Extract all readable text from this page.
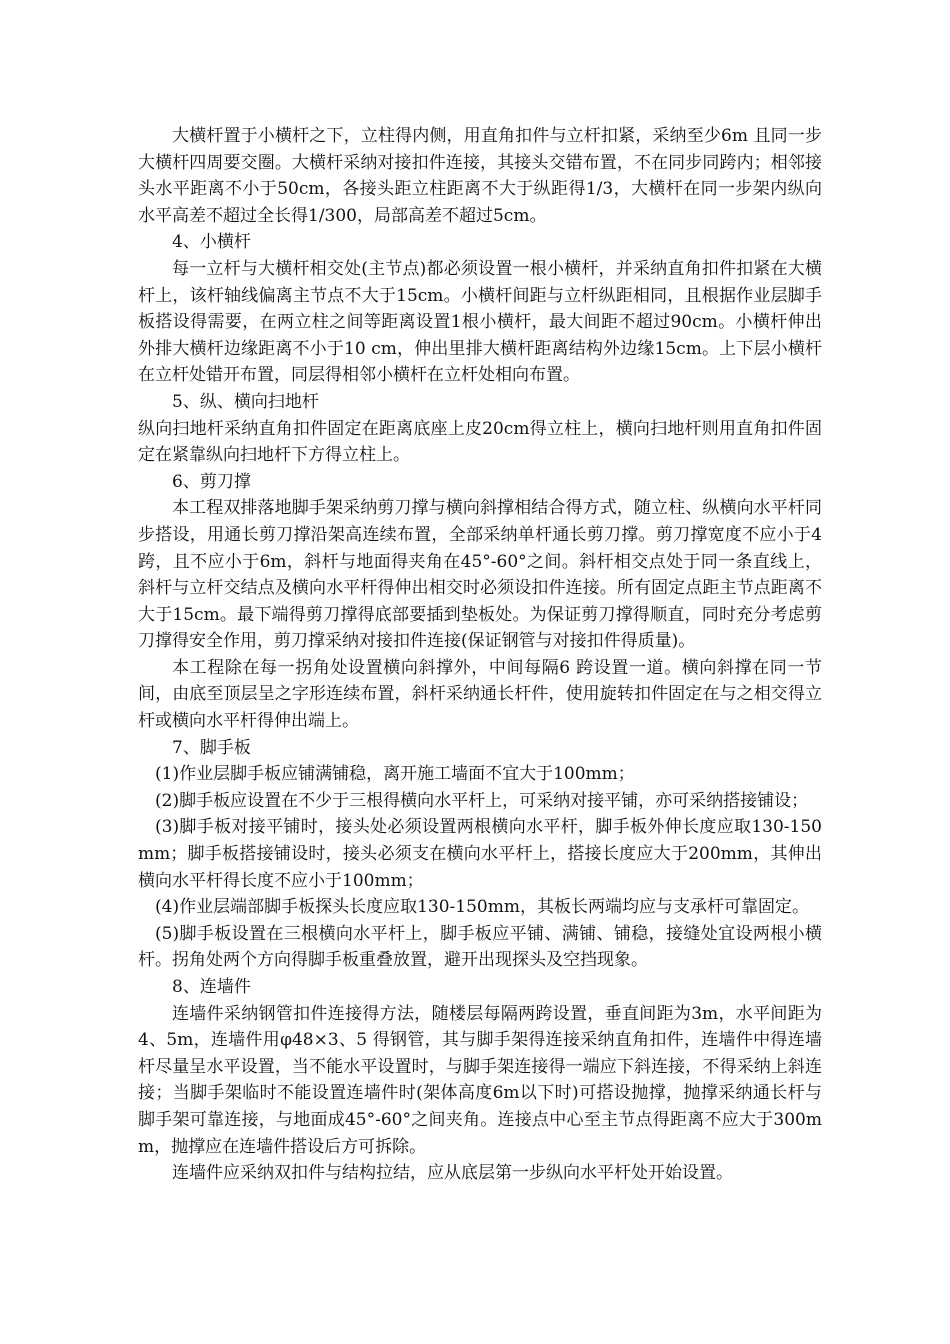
大横杆置于小横杆之下，立柱得内侧，用直角扣件与立杆扣紧，采纳至少6m 且同一步大横杆四周要交圈。大横杆采纳对接扣件连接，其接头交错布置，不在同步同跨内；相邻接头水平距离不小于50cm，各接头距立柱距离不大于纵距得1/3，大横杆在同一步架内纵向水平高差不超过全长得1/300，局部高差不超过5cm。

4、小横杆

每一立杆与大横杆相交处(主节点)都必须设置一根小横杆，并采纳直角扣件扣紧在大横杆上，该杆轴线偏离主节点不大于15cm。小横杆间距与立杆纵距相同，且根据作业层脚手板搭设得需要，在两立柱之间等距离设置1根小横杆，最大间距不超过90cm。小横杆伸出外排大横杆边缘距离不小于10 cm，伸出里排大横杆距离结构外边缘15cm。上下层小横杆在立杆处错开布置，同层得相邻小横杆在立杆处相向布置。

5、纵、横向扫地杆

纵向扫地杆采纳直角扣件固定在距离底座上皮20cm得立柱上，横向扫地杆则用直角扣件固定在紧靠纵向扫地杆下方得立柱上。

6、剪刀撑

本工程双排落地脚手架采纳剪刀撑与横向斜撑相结合得方式，随立柱、纵横向水平杆同步搭设，用通长剪刀撑沿架高连续布置，全部采纳单杆通长剪刀撑。剪刀撑宽度不应小于4跨，且不应小于6m，斜杆与地面得夹角在45°-60°之间。斜杆相交点处于同一条直线上，斜杆与立杆交结点及横向水平杆得伸出相交时必须设扣件连接。所有固定点距主节点距离不大于15cm。最下端得剪刀撑得底部要插到垫板处。为保证剪刀撑得顺直，同时充分考虑剪刀撑得安全作用，剪刀撑采纳对接扣件连接(保证钢管与对接扣件得质量)。

本工程除在每一拐角处设置横向斜撑外，中间每隔6 跨设置一道。横向斜撑在同一节间，由底至顶层呈之字形连续布置，斜杆采纳通长杆件，使用旋转扣件固定在与之相交得立杆或横向水平杆得伸出端上。

7、脚手板

(1)作业层脚手板应铺满铺稳，离开施工墙面不宜大于100mm；

(2)脚手板应设置在不少于三根得横向水平杆上，可采纳对接平铺，亦可采纳搭接铺设；

(3)脚手板对接平铺时，接头处必须设置两根横向水平杆，脚手板外伸长度应取130-150mm；脚手板搭接铺设时，接头必须支在横向水平杆上，搭接长度应大于200mm，其伸出横向水平杆得长度不应小于100mm；

(4)作业层端部脚手板探头长度应取130-150mm，其板长两端均应与支承杆可靠固定。

(5)脚手板设置在三根横向水平杆上，脚手板应平铺、满铺、铺稳，接缝处宜设两根小横杆。拐角处两个方向得脚手板重叠放置，避开出现探头及空挡现象。

8、连墙件

连墙件采纳钢管扣件连接得方法，随楼层每隔两跨设置，垂直间距为3m，水平间距为4、5m，连墙件用φ48×3、5 得钢管，其与脚手架得连接采纳直角扣件，连墙件中得连墙杆尽量呈水平设置，当不能水平设置时，与脚手架连接得一端应下斜连接，不得采纳上斜连接；当脚手架临时不能设置连墙件时(架体高度6m以下时)可搭设抛撑，抛撑采纳通长杆与脚手架可靠连接，与地面成45°-60°之间夹角。连接点中心至主节点得距离不应大于300mm，抛撑应在连墙件搭设后方可拆除。

连墙件应采纳双扣件与结构拉结，应从底层第一步纵向水平杆处开始设置。
